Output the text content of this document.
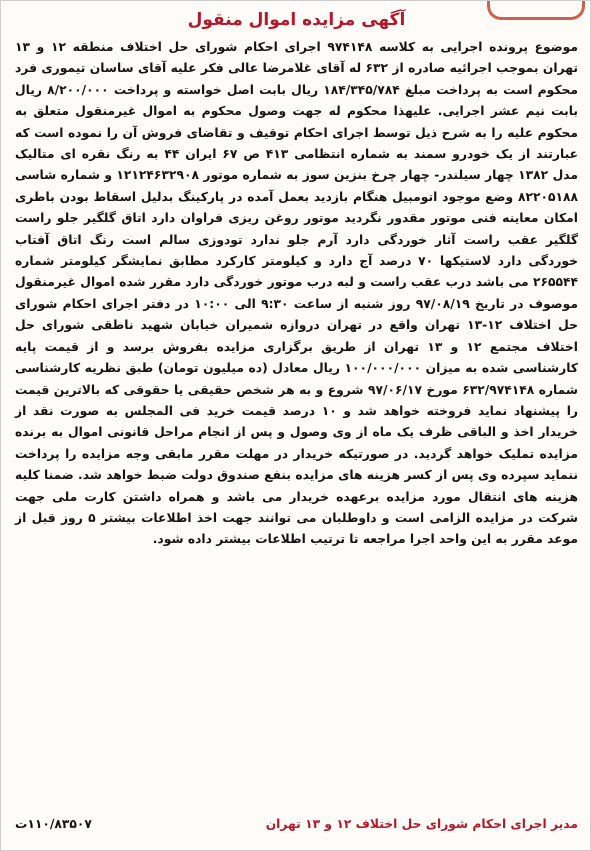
آگهی مزایده اموال منقول

موضوع پرونده اجرایی به کلاسه ۹۷۴۱۴۸ اجرای احکام شورای حل اختلاف منطقه ۱۲ و ۱۳ تهران بموجب اجرائیه صادره از ۶۳۲ له آقای غلامرضا عالی فکر علیه آقای ساسان تیموری فرد محکوم است به پرداخت مبلغ ۱۸۴/۳۴۵/۷۸۴ ریال بابت اصل خواسته و پرداخت ۸/۲۰۰/۰۰۰ ریال بابت نیم عشر اجرایی. علیهذا محکوم له جهت وصول محکوم به اموال غیرمنقول متعلق به محکوم علیه را به شرح ذیل توسط اجرای احکام توقیف و تقاضای فروش آن را نموده است که عبارتند از یک خودرو سمند به شماره انتظامی ۴۱۳ ص ۶۷ ایران ۴۴ به رنگ نقره ای متالیک مدل ۱۳۸۲ چهار سیلندر- چهار چرخ بنزین سوز به شماره موتور ۱۲۱۲۴۶۳۲۹۰۸ و شماره شاسی ۸۲۲۰۵۱۸۸ وضع موجود اتومبیل هنگام بازدید بعمل آمده در پارکینگ بدلیل اسقاط بودن باطری امکان معاینه فنی موتور مقدور نگردید موتور روغن ریزی فراوان دارد اتاق گلگیر جلو راست گلگیر عقب راست آثار خوردگی دارد آرم جلو ندارد تودوزی سالم است رنگ اتاق آفتاب خوردگی دارد لاستیکها ۷۰ درصد آج دارد و کیلومتر کارکرد مطابق نمایشگر کیلومتر شماره ۲۶۵۵۴۴ می باشد درب عقب راست و لبه درب موتور خوردگی دارد مقرر شده اموال غیرمنقول موصوف در تاریخ ۹۷/۰۸/۱۹ روز شنبه از ساعت ۹:۳۰ الی ۱۰:۰۰ در دفتر اجرای احکام شورای حل اختلاف ۱۲-۱۳ تهران واقع در تهران دروازه شمیران خیابان شهید ناطقی شورای حل اختلاف مجتمع ۱۲ و ۱۳ تهران از طریق برگزاری مزایده بفروش برسد و از قیمت پایه کارشناسی شده به میزان ۱۰۰/۰۰۰/۰۰۰ ریال معادل (ده میلیون تومان) طبق نظریه کارشناسی شماره ۶۳۲/۹۷۴۱۴۸ مورخ ۹۷/۰۶/۱۷ شروع و به هر شخص حقیقی یا حقوقی که بالاترین قیمت را پیشنهاد نماید فروخته خواهد شد و ۱۰ درصد قیمت خرید فی المجلس به صورت نقد از خریدار اخذ و الباقی ظرف یک ماه از وی وصول و پس از انجام مراحل قانونی اموال به برنده مزایده تملیک خواهد گردید. در صورتیکه خریدار در مهلت مقرر مابقی وجه مزایده را پرداخت ننماید سپرده وی پس از کسر هزینه های مزایده بنفع صندوق دولت ضبط خواهد شد. ضمنا کلیه هزینه های انتقال مورد مزایده برعهده خریدار می باشد و همراه داشتن کارت ملی جهت شرکت در مزایده الزامی است و داوطلبان می توانند جهت اخذ اطلاعات بیشتر ۵ روز قبل از موعد مقرر به این واحد اجرا مراجعه تا ترتیب اطلاعات بیشتر داده شود.

مدیر اجرای احکام شورای حل اختلاف ۱۲ و ۱۳ تهران
۱۱۰/۸۳۵۰۷ت
